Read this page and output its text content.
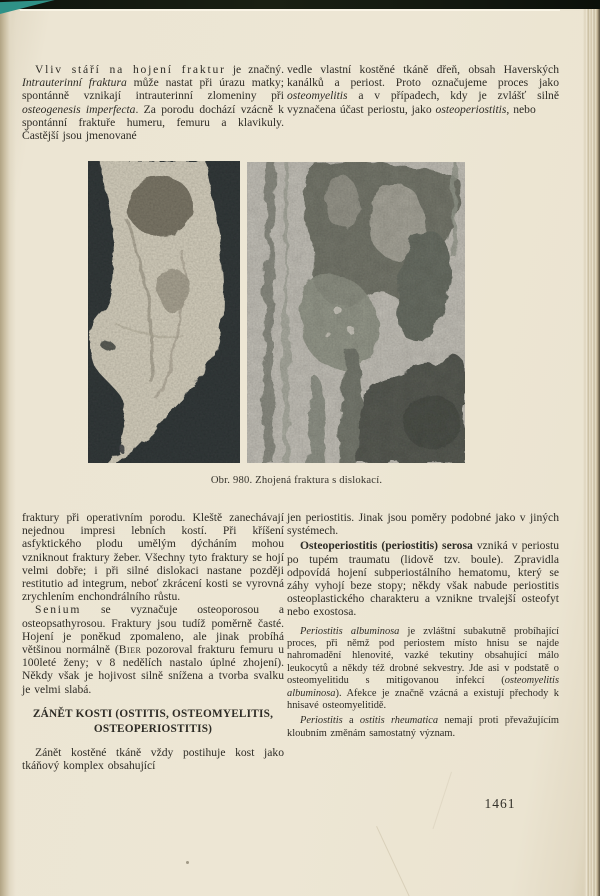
Vliv stáří na hojení fraktur je značný. Intrauterinní fraktura může nastat při úrazu matky; spontánně vznikají intrauterinní zlomeniny při osteogenesis imperfecta. Za porodu dochází vzácně k spontánní fraktuře humeru, femuru a klavikuly. Častější jsou jmenované

vedle vlastní kostěné tkáně dřeň, obsah Haverských kanálků a periost. Proto označujeme proces jako osteomyelitis a v případech, kdy je zvlášť silně vyznačena účast periostu, jako osteoperiostitis, nebo

Obr. 980. Zhojená fraktura s dislokací.

fraktury při operativním porodu. Kleště zanechávají nejednou impresi lebních kostí. Při kříšení asfyktického plodu umělým dýcháním mohou vzniknout fraktury žeber. Všechny tyto fraktury se hojí velmi dobře; i při silné dislokaci nastane později restitutio ad integrum, neboť zkrácení kosti se vyrovná zrychlením enchondrálního růstu.

Senium se vyznačuje osteoporosou a osteopsathyrosou. Fraktury jsou tudíž poměrně časté. Hojení je poněkud zpomaleno, ale jinak probíhá většinou normálně (Bier pozoroval frakturu femuru u 100leté ženy; v 8 nedělích nastalo úplné zhojení). Někdy však je hojivost silně snížena a tvorba svalku je velmi slabá.

ZÁNĚT KOSTI (OSTITIS, OSTEOMYELITIS,
OSTEOPERIOSTITIS)

Zánět kostěné tkáně vždy postihuje kost jako tkáňový komplex obsahující

jen periostitis. Jinak jsou poměry podobné jako v jiných systémech.

Osteoperiostitis (periostitis) serosa vzniká v periostu po tupém traumatu (lidově tzv. boule). Zpravidla odpovídá hojení subperiostálního hematomu, který se záhy vyhojí beze stopy; někdy však nabude periostitis osteoplastického charakteru a vznikne trvalejší osteofyt nebo exostosa.

Periostitis albuminosa je zvláštní subakutně probíhající proces, při němž pod periostem místo hnisu se najde nahromadění hlenovité, vazké tekutiny obsahující málo leukocytů a někdy též drobné sekvestry. Jde asi v podstatě o osteomyelitidu s mitigovanou infekcí (osteomyelitis albuminosa). Afekce je značně vzácná a existují přechody k hnisavé osteomyelitidě.

Periostitis a ostitis rheumatica nemají proti převažujícím kloubním změnám samostatný význam.

1461
